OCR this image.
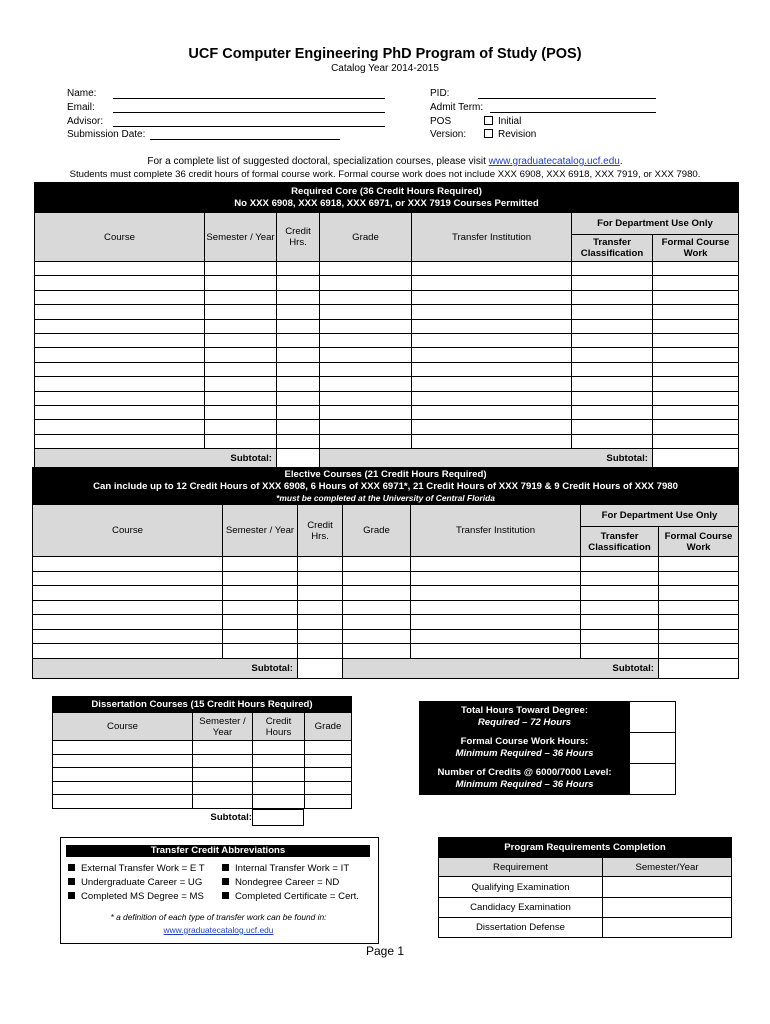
UCF Computer Engineering PhD Program of Study (POS)
Catalog Year 2014-2015
Name:
Email:
Advisor:
Submission Date:
PID:
Admit Term:
POS	Initial
Version:	Revision
For a complete list of suggested doctoral, specialization courses, please visit www.graduatecatalog.ucf.edu.
Students must complete 36 credit hours of formal course work. Formal course work does not include XXX 6908, XXX 6918, XXX 7919, or XXX 7980.
Required Core (36 Credit Hours Required)
No XXX 6908, XXX 6918, XXX 6971, or XXX 7919 Courses Permitted						

Course	Semester / Year	Credit Hrs.	Grade	Transfer Institution	For Department Use Only	
					Transfer Classification	Formal Course Work

Subtotal:			Subtotal:			
Elective Courses (21 Credit Hours Required)
Can include up to 12 Credit Hours of XXX 6908, 6 Hours of XXX 6971*, 21 Credit Hours of XXX 7919 & 9 Credit Hours of XXX 7980
*must be completed at the University of Central Florida						

Course	Semester / Year	Credit Hrs.	Grade	Transfer Institution	For Department Use Only	
					Transfer Classification	Formal Course Work

Subtotal:			Subtotal:			
Dissertation Courses (15 Credit Hours Required)			
Course	Semester / Year	Credit Hours	Grade

Subtotal:
Total Hours Toward Degree:
Required – 72 Hours	

Formal Course Work Hours:
Minimum Required – 36 Hours	

Number of Credits @ 6000/7000 Level:
Minimum Required – 36 Hours	

Transfer Credit Abbreviations
External Transfer Work = E T
Undergraduate Career = UG
Completed MS Degree = MS
Internal Transfer Work = IT
Nondegree Career = ND
Completed Certificate = Cert.
* a definition of each type of transfer work can be found in:
www.graduatecatalog.ucf.edu
Program Requirements Completion	
Requirement	Semester/Year
Qualifying Examination	
Candidacy Examination	
Dissertation Defense	
Page 1
